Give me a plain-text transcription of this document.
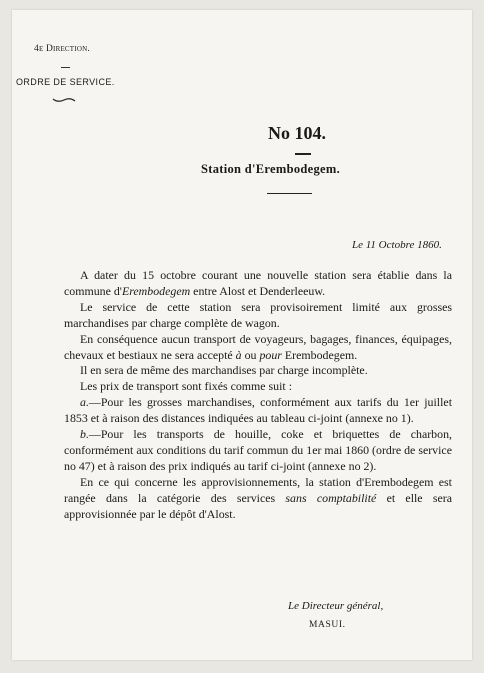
4e Direction.
ORDRE DE SERVICE.
No 104.
Station d'Erembodegem.
Le 11 Octobre 1860.

A dater du 15 octobre courant une nouvelle station sera établie dans la commune d'Erembodegem entre Alost et Denderleeuw.

Le service de cette station sera provisoirement limité aux grosses marchandises par charge complète de wagon.

En conséquence aucun transport de voyageurs, bagages, finances, équipages, chevaux et bestiaux ne sera accepté à ou pour Erembodegem.

Il en sera de même des marchandises par charge incomplète.

Les prix de transport sont fixés comme suit :

a.—Pour les grosses marchandises, conformément aux tarifs du 1er juillet 1853 et à raison des distances indiquées au tableau ci-joint (annexe no 1).

b.—Pour les transports de houille, coke et briquettes de charbon, conformément aux conditions du tarif commun du 1er mai 1860 (ordre de service no 47) et à raison des prix indiqués au tarif ci-joint (annexe no 2).

En ce qui concerne les approvisionnements, la station d'Erembodegem est rangée dans la catégorie des services sans comptabilité et elle sera approvisionnée par le dépôt d'Alost.

Le Directeur général,
MASUI.
